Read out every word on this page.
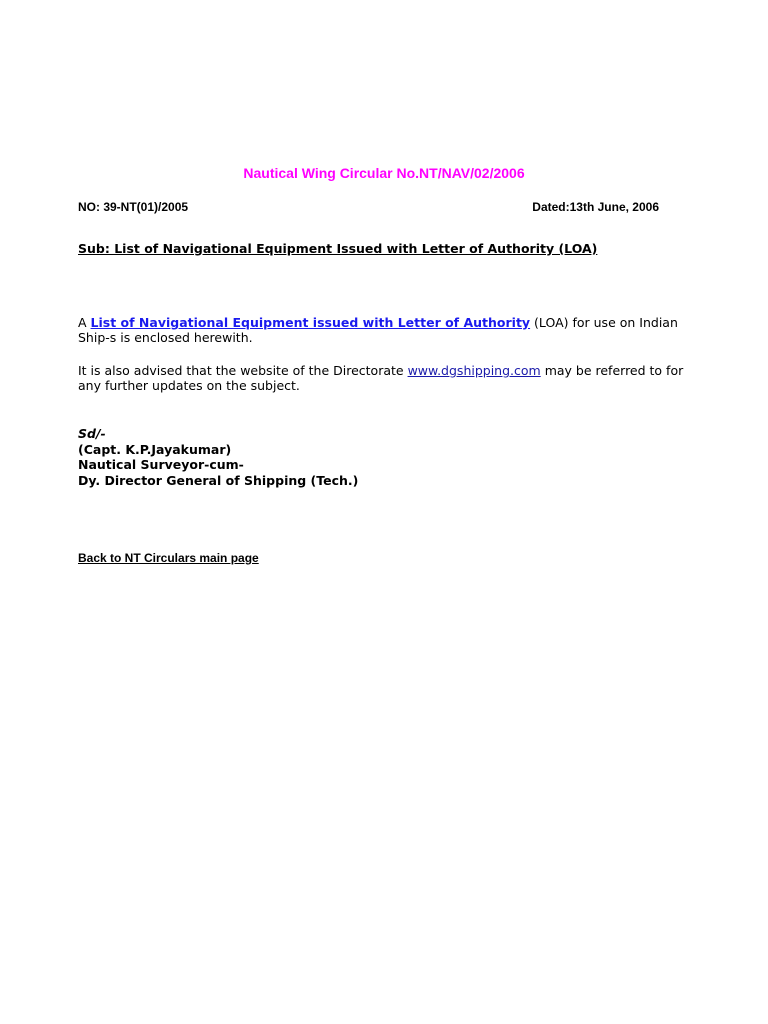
Nautical Wing Circular No.NT/NAV/02/2006
NO: 39-NT(01)/2005	Dated:13th June, 2006
Sub: List of Navigational Equipment Issued with Letter of Authority (LOA)
A List of Navigational Equipment issued with Letter of Authority (LOA) for use on Indian Ship-s is enclosed herewith.
It is also advised that the website of the Directorate www.dgshipping.com may be referred to for any further updates on the subject.
Sd/-
(Capt. K.P.Jayakumar)
Nautical Surveyor-cum-
Dy. Director General of Shipping (Tech.)
Back to NT Circulars main page
